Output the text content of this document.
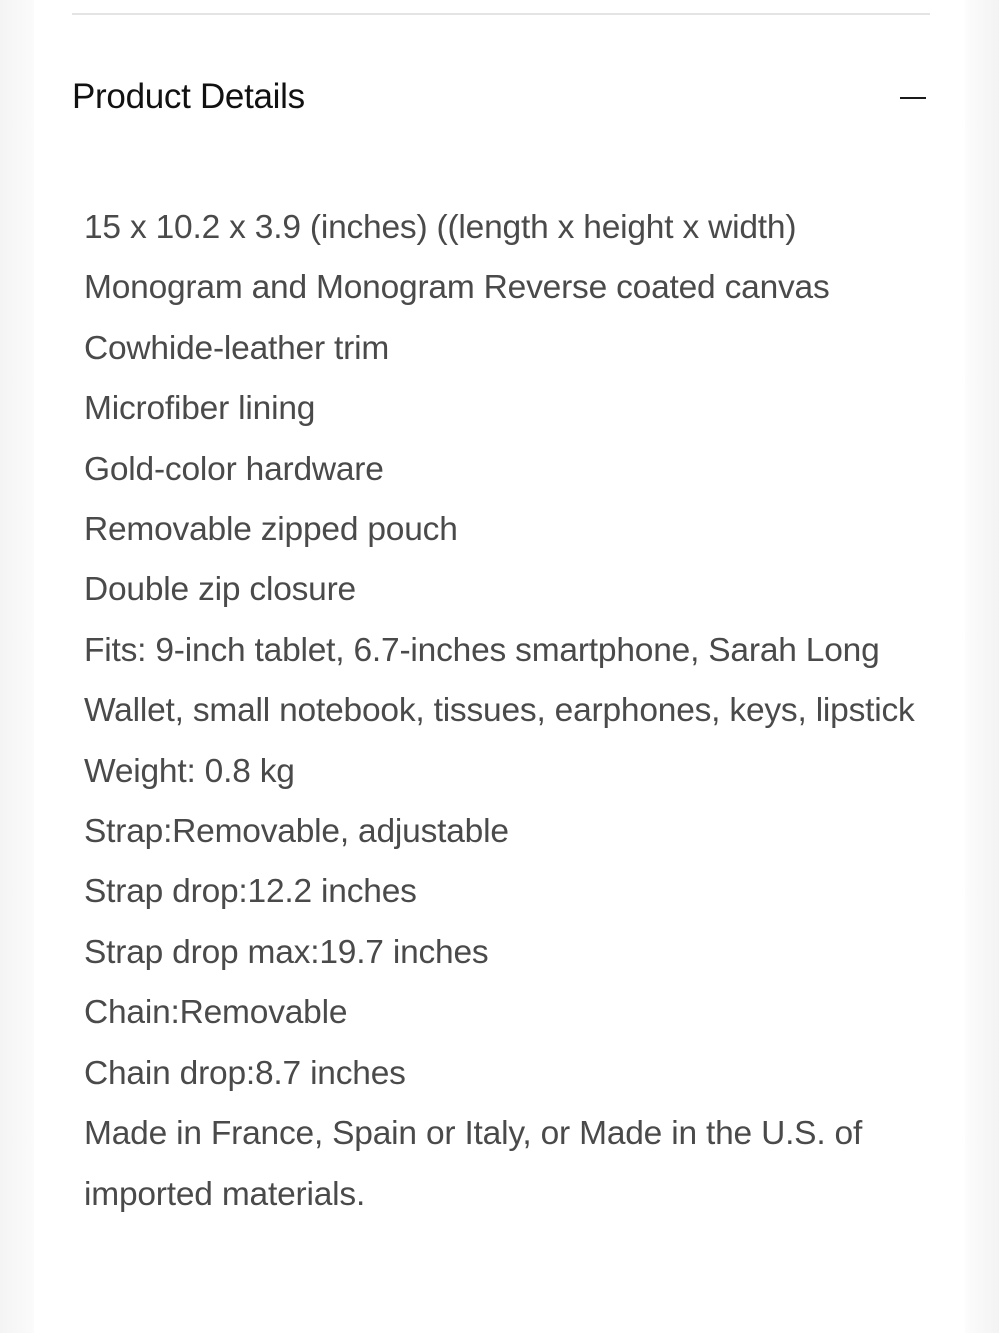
Product Details
15 x 10.2 x 3.9 (inches) ((length x height x width)
Monogram and Monogram Reverse coated canvas
Cowhide-leather trim
Microfiber lining
Gold-color hardware
Removable zipped pouch
Double zip closure
Fits: 9-inch tablet, 6.7-inches smartphone, Sarah Long Wallet, small notebook, tissues, earphones, keys, lipstick
Weight: 0.8 kg
Strap:Removable, adjustable
Strap drop:12.2 inches
Strap drop max:19.7 inches
Chain:Removable
Chain drop:8.7 inches
Made in France, Spain or Italy, or Made in the U.S. of imported materials.
